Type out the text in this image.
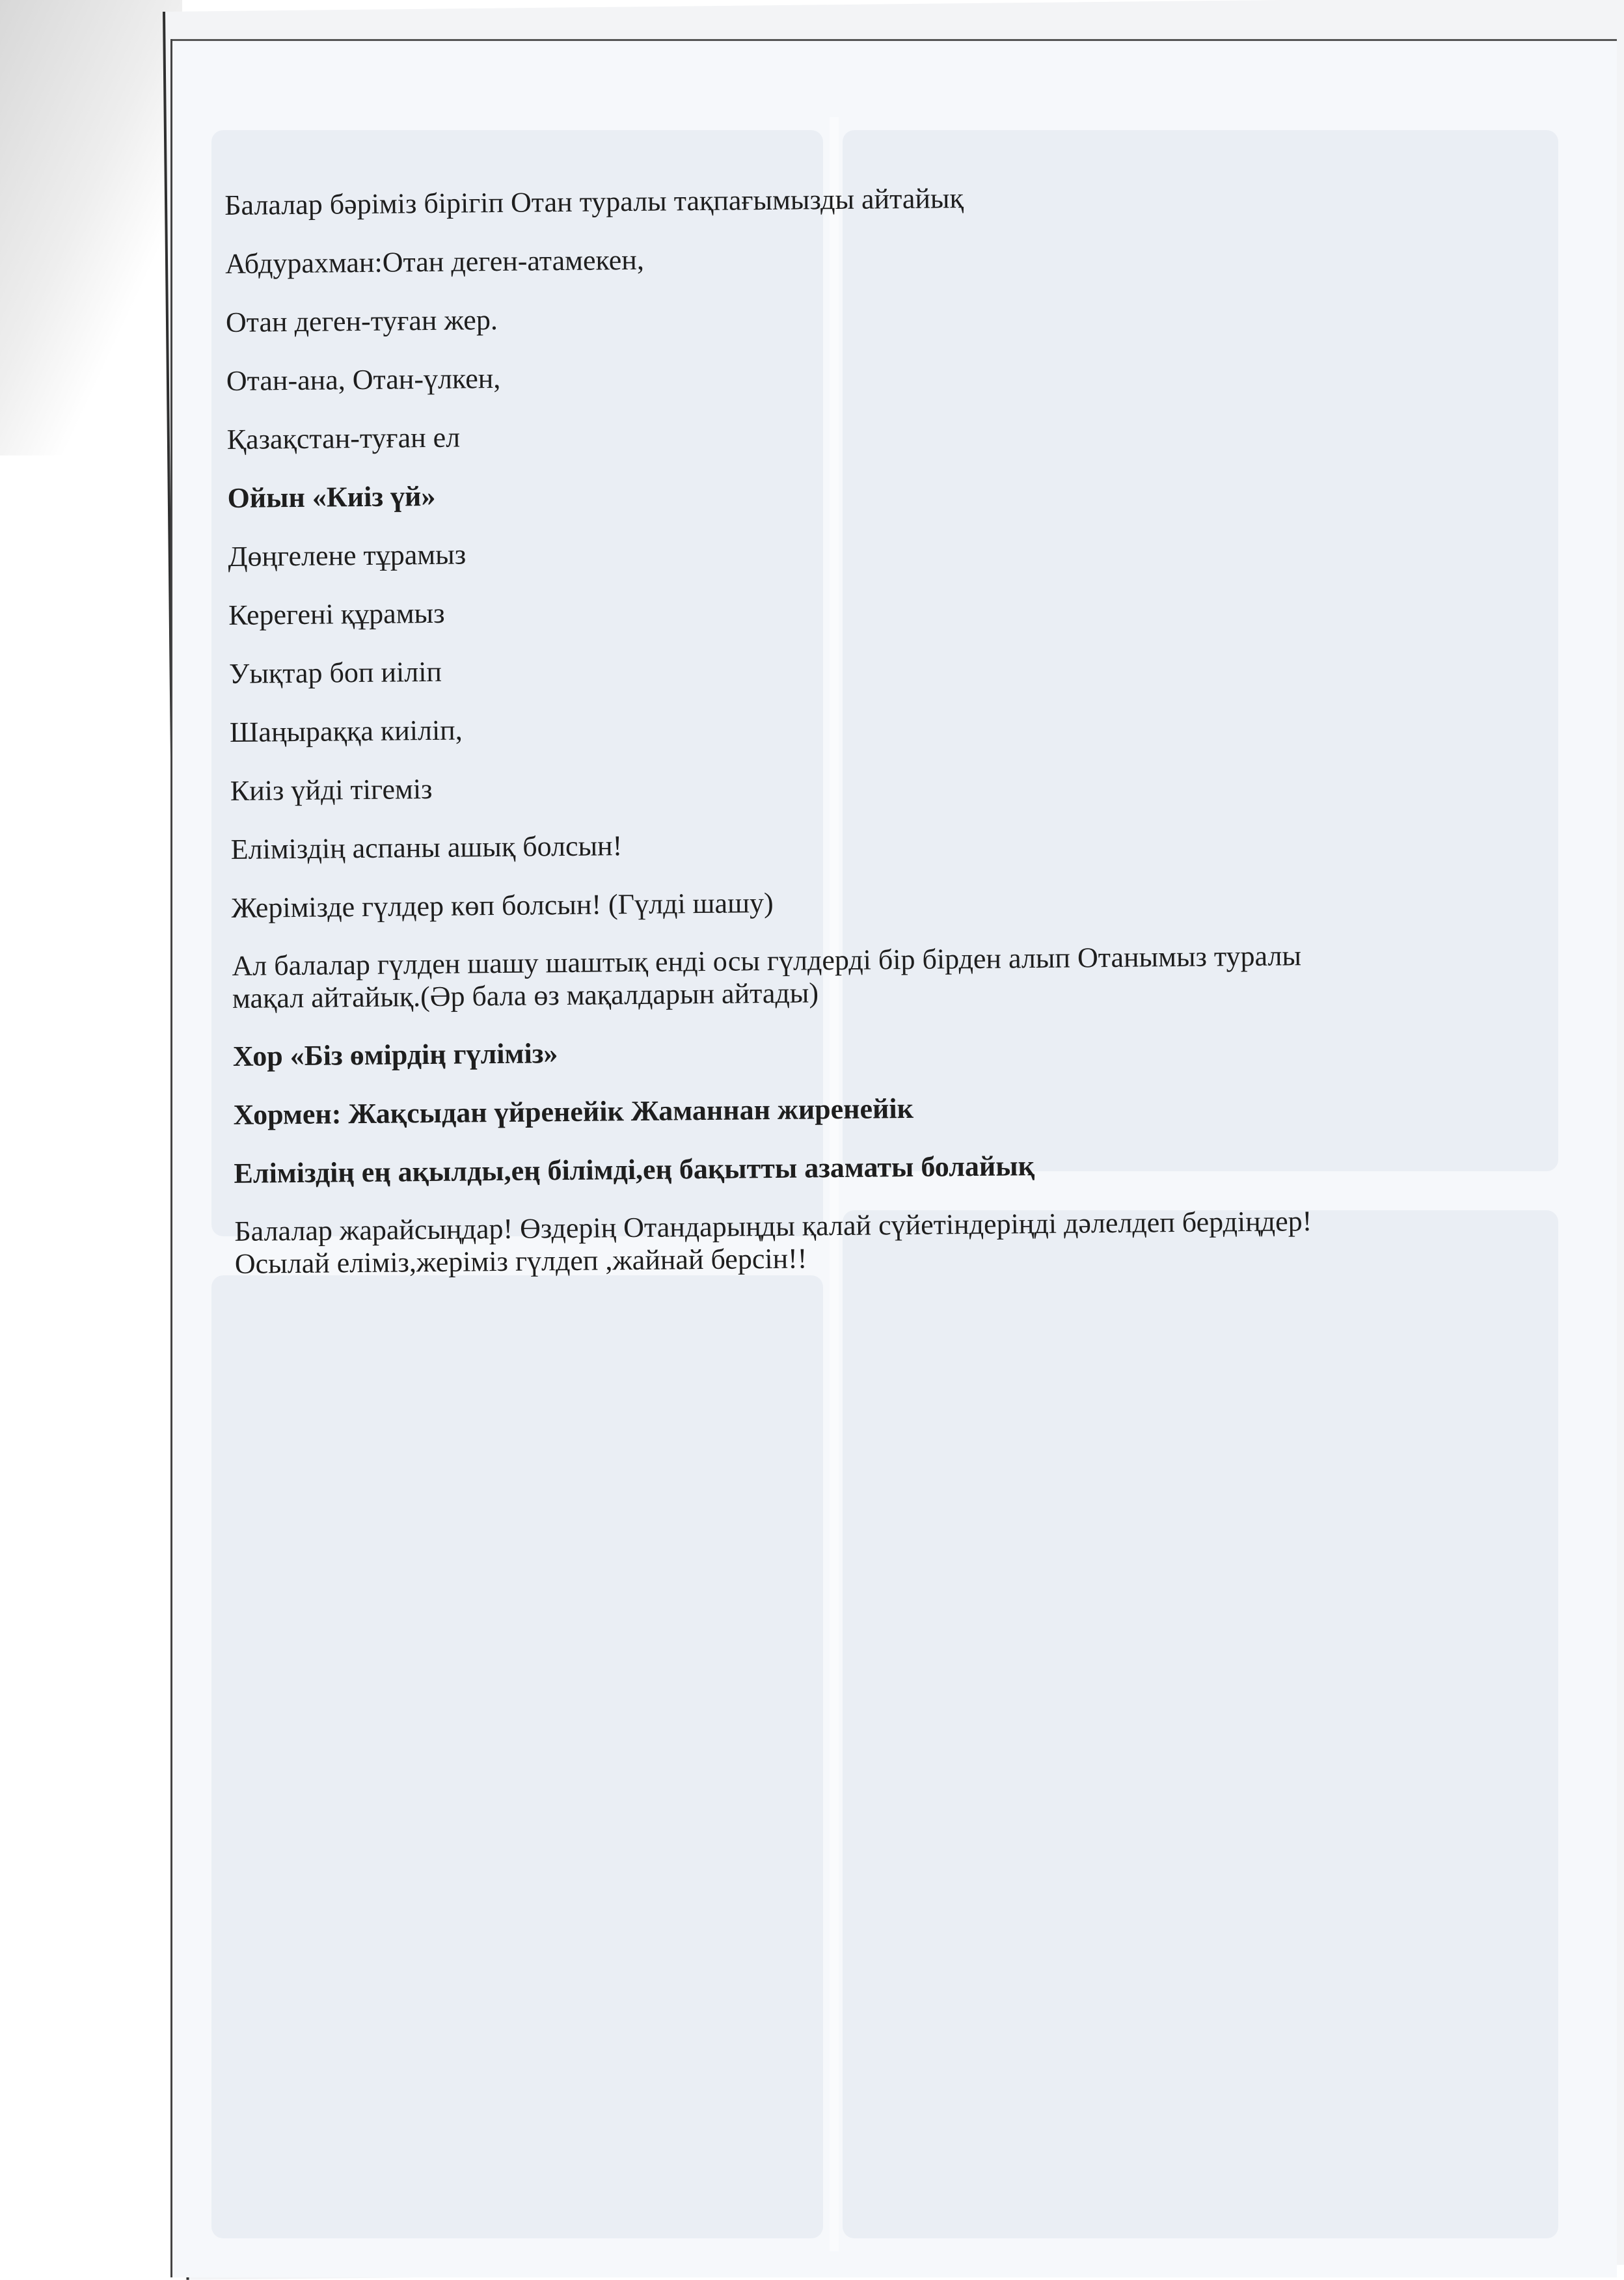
Балалар бәріміз бірігіп Отан туралы тақпағымызды айтайық
Абдурахман:Отан деген-атамекен,
Отан деген-туған жер.
Отан-ана, Отан-үлкен,
Қазақстан-туған ел
Ойын «Киіз үй»
Дөңгелене тұрамыз
Керегені құрамыз
Уықтар боп иіліп
Шаңыраққа киіліп,
Киіз үйді тігеміз
Еліміздің аспаны ашық болсын!
Жерімізде гүлдер көп болсын! (Гүлді шашу)
Ал балалар гүлден шашу шаштық енді осы гүлдерді бір бірден алып Отанымыз туралы
мақал айтайық.(Әр бала өз мақалдарын айтады)
Хор «Біз өмірдің гүліміз»
Хормен: Жақсыдан үйренейік Жаманнан жиренейік
Еліміздің ең ақылды,ең білімді,ең бақытты азаматы болайық
Балалар жарайсыңдар! Өздерің Отандарыңды қалай сүйетіндеріңді дәлелдеп бердіңдер!
Осылай еліміз,жеріміз гүлдеп ,жайнай берсін!!
